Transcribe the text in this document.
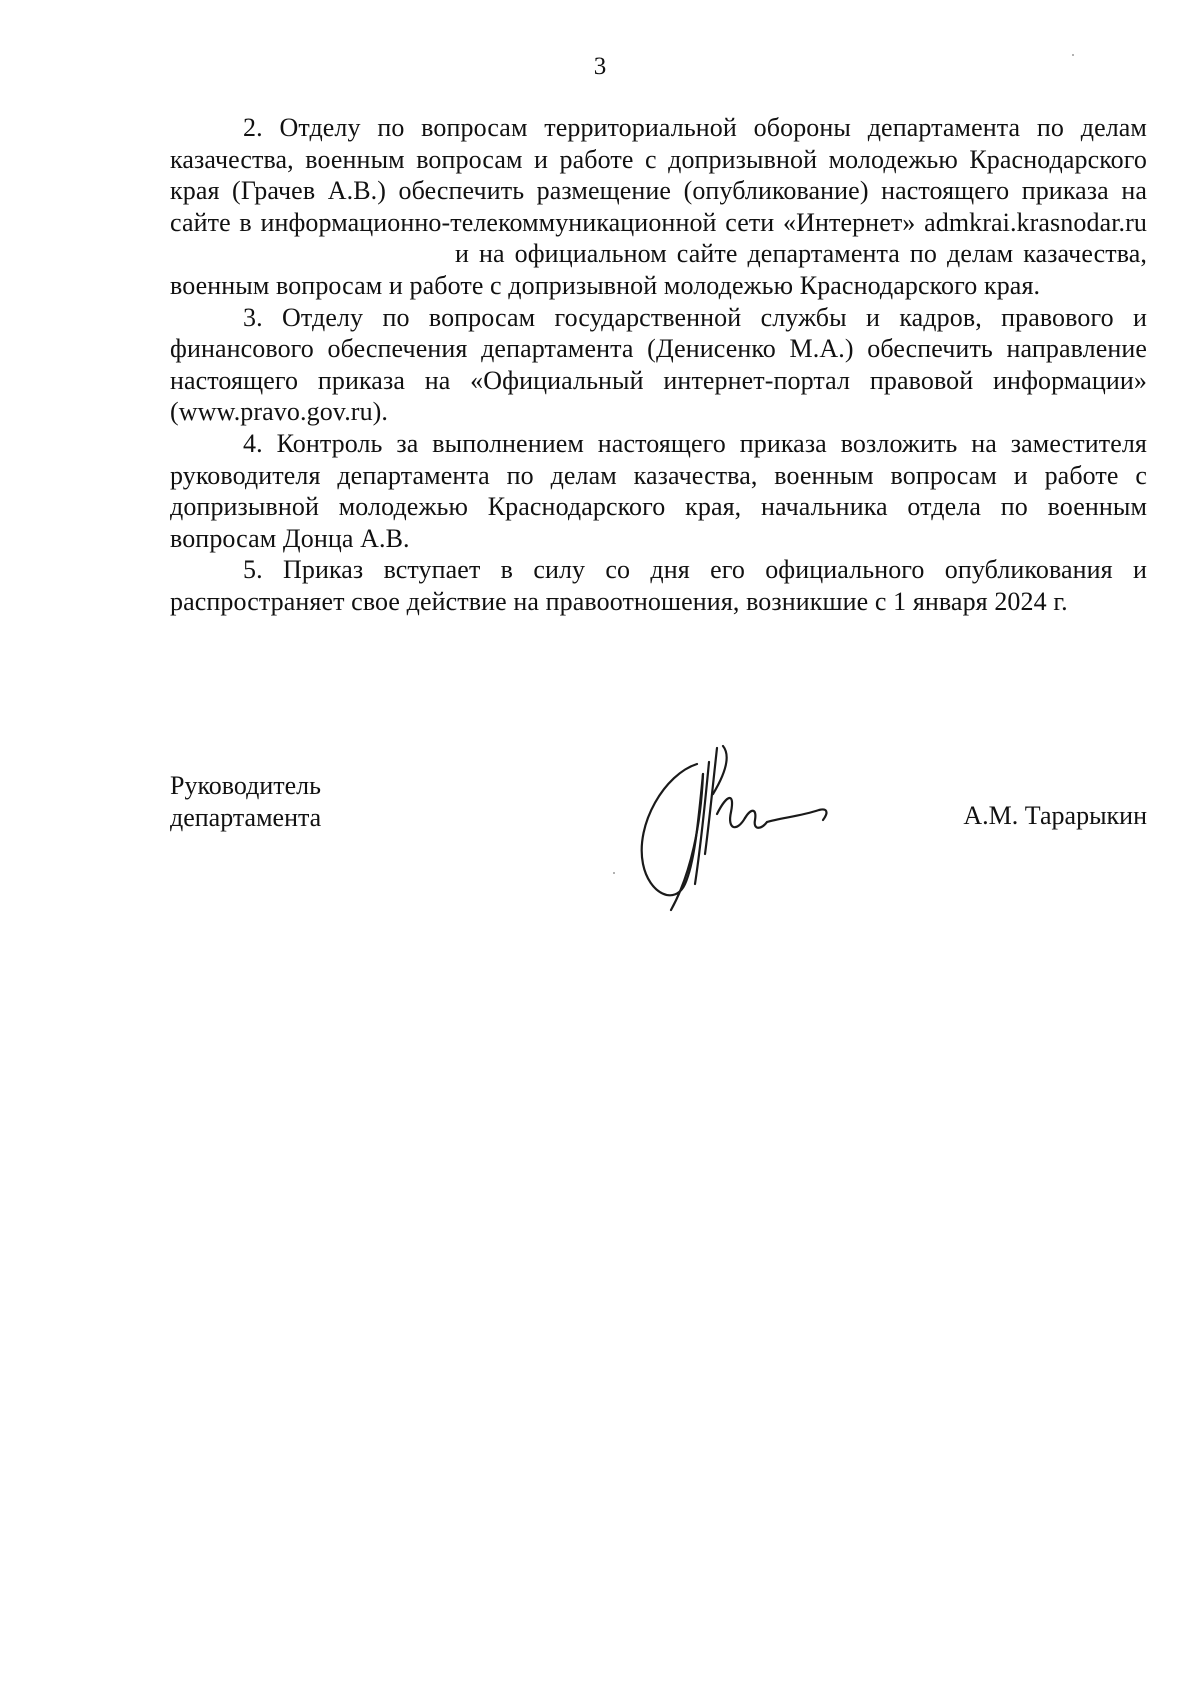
3

2. Отделу по вопросам территориальной обороны департамента по делам казачества, военным вопросам и работе с допризывной молодежью Краснодарского края (Грачев А.В.) обеспечить размещение (опубликование) настоящего приказа на сайте в информационно-телекоммуникационной сети «Интернет» admkrai.krasnodar.ruи на официальном сайте департамента по делам казачества, военным вопросам и работе с допризывной молодежью Краснодарского края.

3. Отделу по вопросам государственной службы и кадров, правового и финансового обеспечения департамента (Денисенко М.А.) обеспечить направление настоящего приказа на «Официальный интернет-портал правовой информации» (www.pravo.gov.ru).

4. Контроль за выполнением настоящего приказа возложить на заместителя руководителя департамента по делам казачества, военным вопросам и работе с допризывной молодежью Краснодарского края, начальника отдела по военным вопросам Донца А.В.

5. Приказ вступает в силу со дня его официального опубликования и распространяет свое действие на правоотношения, возникшие с 1 января 2024 г.

Руководитель
департамента	А.М. Тарарыкин
